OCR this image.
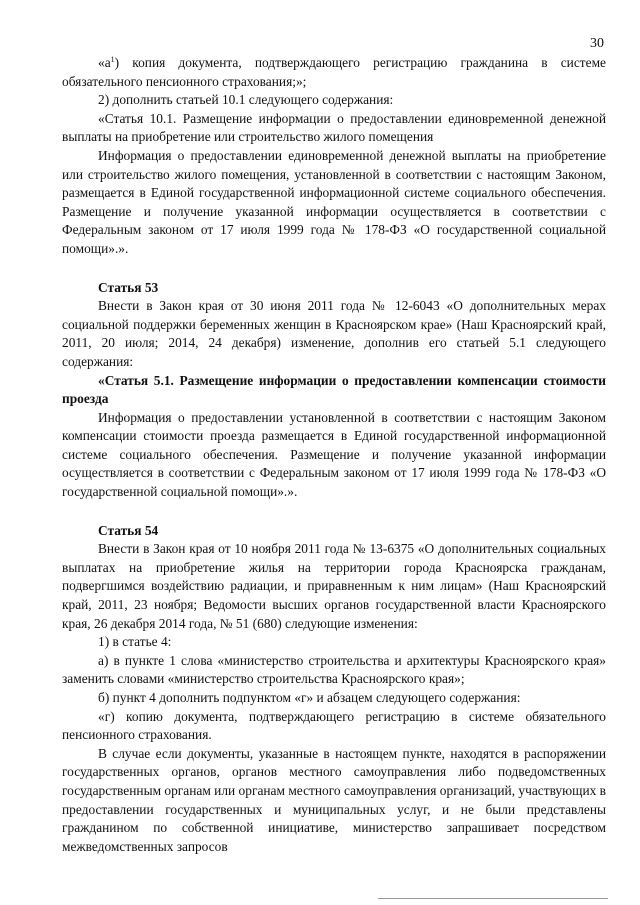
30

«$а^1$) копия документа, подтверждающего регистрацию гражданина в системе обязательного пенсионного страхования;»;

2) дополнить статьей 10.1 следующего содержания:

«Статья 10.1. Размещение информации о предоставлении единовременной денежной выплаты на приобретение или строительство жилого помещения

Информация о предоставлении единовременной денежной выплаты на приобретение или строительство жилого помещения, установленной в соответствии с настоящим Законом, размещается в Единой государственной информационной системе социального обеспечения. Размещение и получение указанной информации осуществляется в соответствии с Федеральным законом от 17 июля 1999 года № 178-ФЗ «О государственной социальной помощи».».

Статья 53

Внести в Закон края от 30 июня 2011 года № 12-6043 «О дополнительных мерах социальной поддержки беременных женщин в Красноярском крае» (Наш Красноярский край, 2011, 20 июля; 2014, 24 декабря) изменение, дополнив его статьей 5.1 следующего содержания:

«Статья 5.1. Размещение информации о предоставлении компенсации стоимости проезда

Информация о предоставлении установленной в соответствии с настоящим Законом компенсации стоимости проезда размещается в Единой государственной информационной системе социального обеспечения. Размещение и получение указанной информации осуществляется в соответствии с Федеральным законом от 17 июля 1999 года № 178-ФЗ «О государственной социальной помощи».».

Статья 54

Внести в Закон края от 10 ноября 2011 года № 13-6375 «О дополнительных социальных выплатах на приобретение жилья на территории города Красноярска гражданам, подвергшимся воздействию радиации, и приравненным к ним лицам» (Наш Красноярский край, 2011, 23 ноября; Ведомости высших органов государственной власти Красноярского края, 26 декабря 2014 года, № 51 (680) следующие изменения:

1) в статье 4:

а) в пункте 1 слова «министерство строительства и архитектуры Красноярского края» заменить словами «министерство строительства Красноярского края»;

б) пункт 4 дополнить подпунктом «г» и абзацем следующего содержания:

«г) копию документа, подтверждающего регистрацию в системе обязательного пенсионного страхования.

В случае если документы, указанные в настоящем пункте, находятся в распоряжении государственных органов, органов местного самоуправления либо подведомственных государственным органам или органам местного самоуправления организаций, участвующих в предоставлении государственных и муниципальных услуг, и не были представлены гражданином по собственной инициативе, министерство запрашивает посредством межведомственных запросов
